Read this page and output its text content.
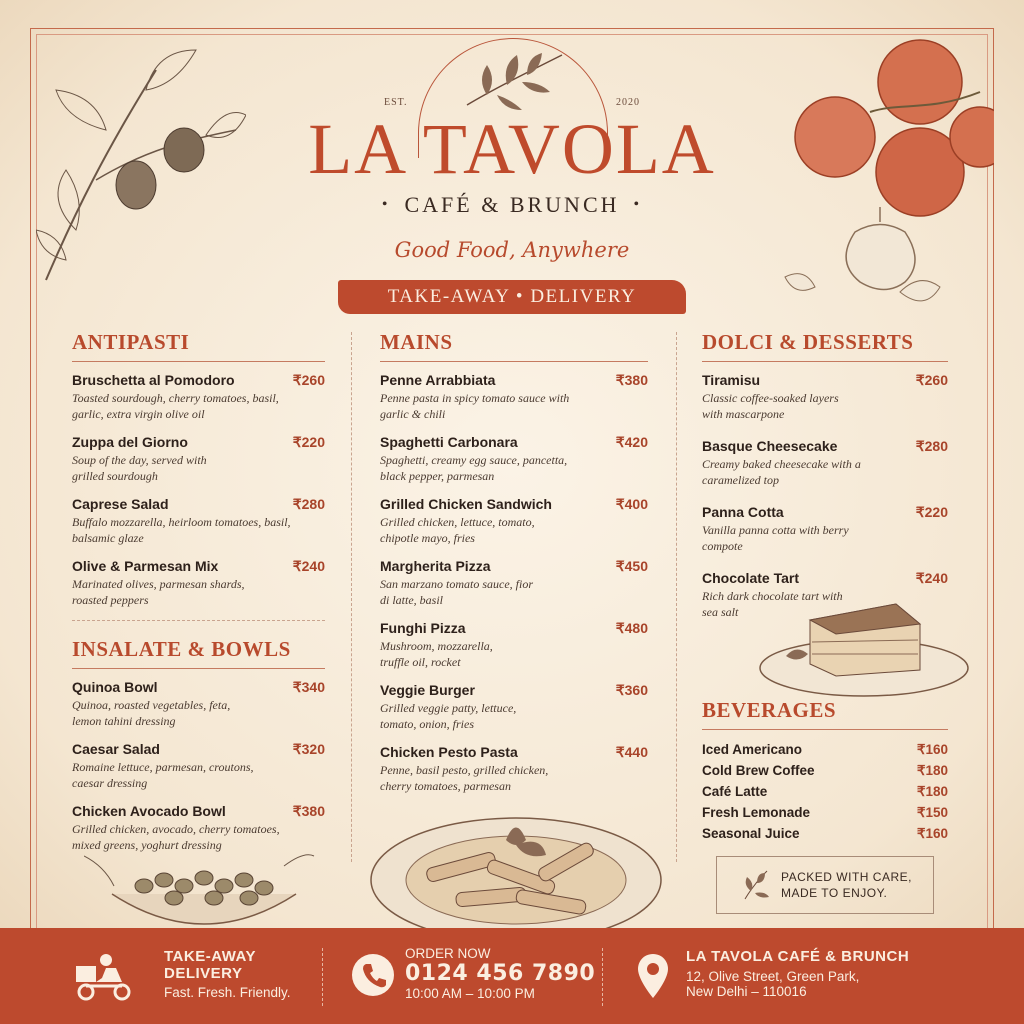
EST.	2020
LA TAVOLA
• CAFÉ & BRUNCH •
Good Food, Anywhere
TAKE-AWAY • DELIVERY
ANTIPASTI
Bruschetta al Pomodoro	₹260
Toasted sourdough, cherry tomatoes, basil, garlic, extra virgin olive oil
Zuppa del Giorno	₹220
Soup of the day, served with grilled sourdough
Caprese Salad	₹280
Buffalo mozzarella, heirloom tomatoes, basil, balsamic glaze
Olive & Parmesan Mix	₹240
Marinated olives, parmesan shards, roasted peppers
INSALATE & BOWLS
Quinoa Bowl	₹340
Quinoa, roasted vegetables, feta, lemon tahini dressing
Caesar Salad	₹320
Romaine lettuce, parmesan, croutons, caesar dressing
Chicken Avocado Bowl	₹380
Grilled chicken, avocado, cherry tomatoes, mixed greens, yoghurt dressing
MAINS
Penne Arrabbiata	₹380
Penne pasta in spicy tomato sauce with garlic & chili
Spaghetti Carbonara	₹420
Spaghetti, creamy egg sauce, pancetta, black pepper, parmesan
Grilled Chicken Sandwich	₹400
Grilled chicken, lettuce, tomato, chipotle mayo, fries
Margherita Pizza	₹450
San marzano tomato sauce, fior di latte, basil
Funghi Pizza	₹480
Mushroom, mozzarella, truffle oil, rocket
Veggie Burger	₹360
Grilled veggie patty, lettuce, tomato, onion, fries
Chicken Pesto Pasta	₹440
Penne, basil pesto, grilled chicken, cherry tomatoes, parmesan
DOLCI & DESSERTS
Tiramisu	₹260
Classic coffee-soaked layers with mascarpone
Basque Cheesecake	₹280
Creamy baked cheesecake with a caramelized top
Panna Cotta	₹220
Vanilla panna cotta with berry compote
Chocolate Tart	₹240
Rich dark chocolate tart with sea salt
BEVERAGES
Iced Americano	₹160
Cold Brew Coffee	₹180
Café Latte	₹180
Fresh Lemonade	₹150
Seasonal Juice	₹160
PACKED WITH CARE,
MADE TO ENJOY.
TAKE-AWAY
DELIVERY
Fast. Fresh. Friendly.
ORDER NOW
0124 456 7890
10:00 AM – 10:00 PM
LA TAVOLA CAFÉ & BRUNCH
12, Olive Street, Green Park,
New Delhi – 110016
